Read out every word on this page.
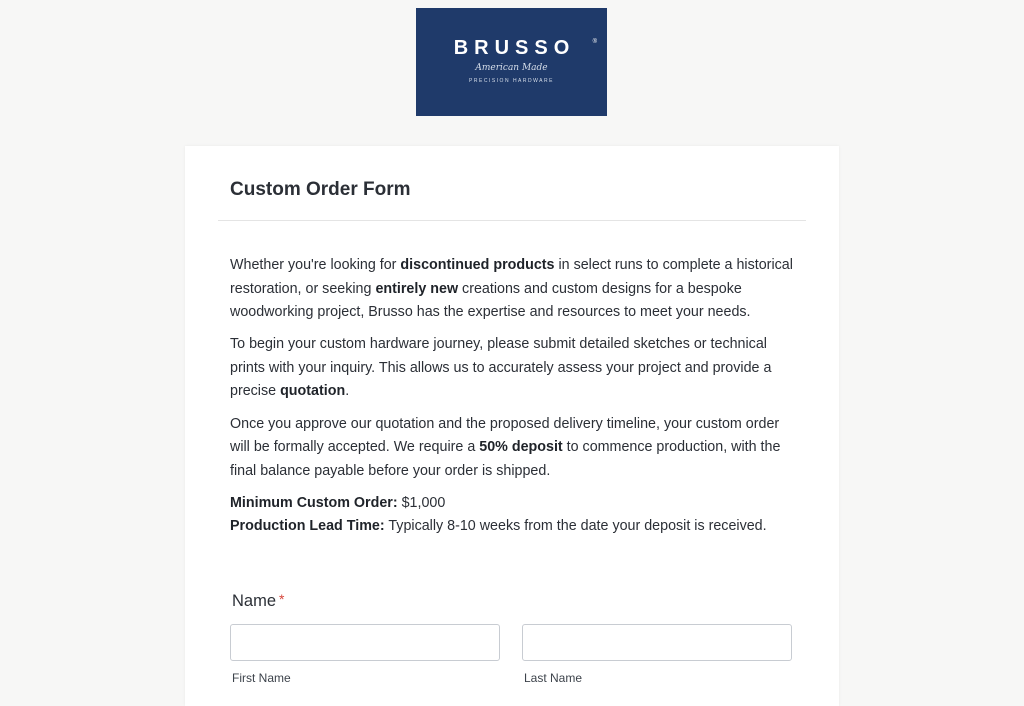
BRUSSO	®
American Made
PRECISION HARDWARE
Custom Order Form

Whether you're looking for discontinued products in select runs to complete a historical restoration, or seeking entirely new creations and custom designs for a bespoke woodworking project, Brusso has the expertise and resources to meet your needs.

To begin your custom hardware journey, please submit detailed sketches or technical prints with your inquiry. This allows us to accurately assess your project and provide a precise quotation.

Once you approve our quotation and the proposed delivery timeline, your custom order will be formally accepted. We require a 50% deposit to commence production, with the final balance payable before your order is shipped.

Minimum Custom Order: $1,000
Production Lead Time: Typically 8-10 weeks from the date your deposit is received.
Name *
First Name	Last Name
